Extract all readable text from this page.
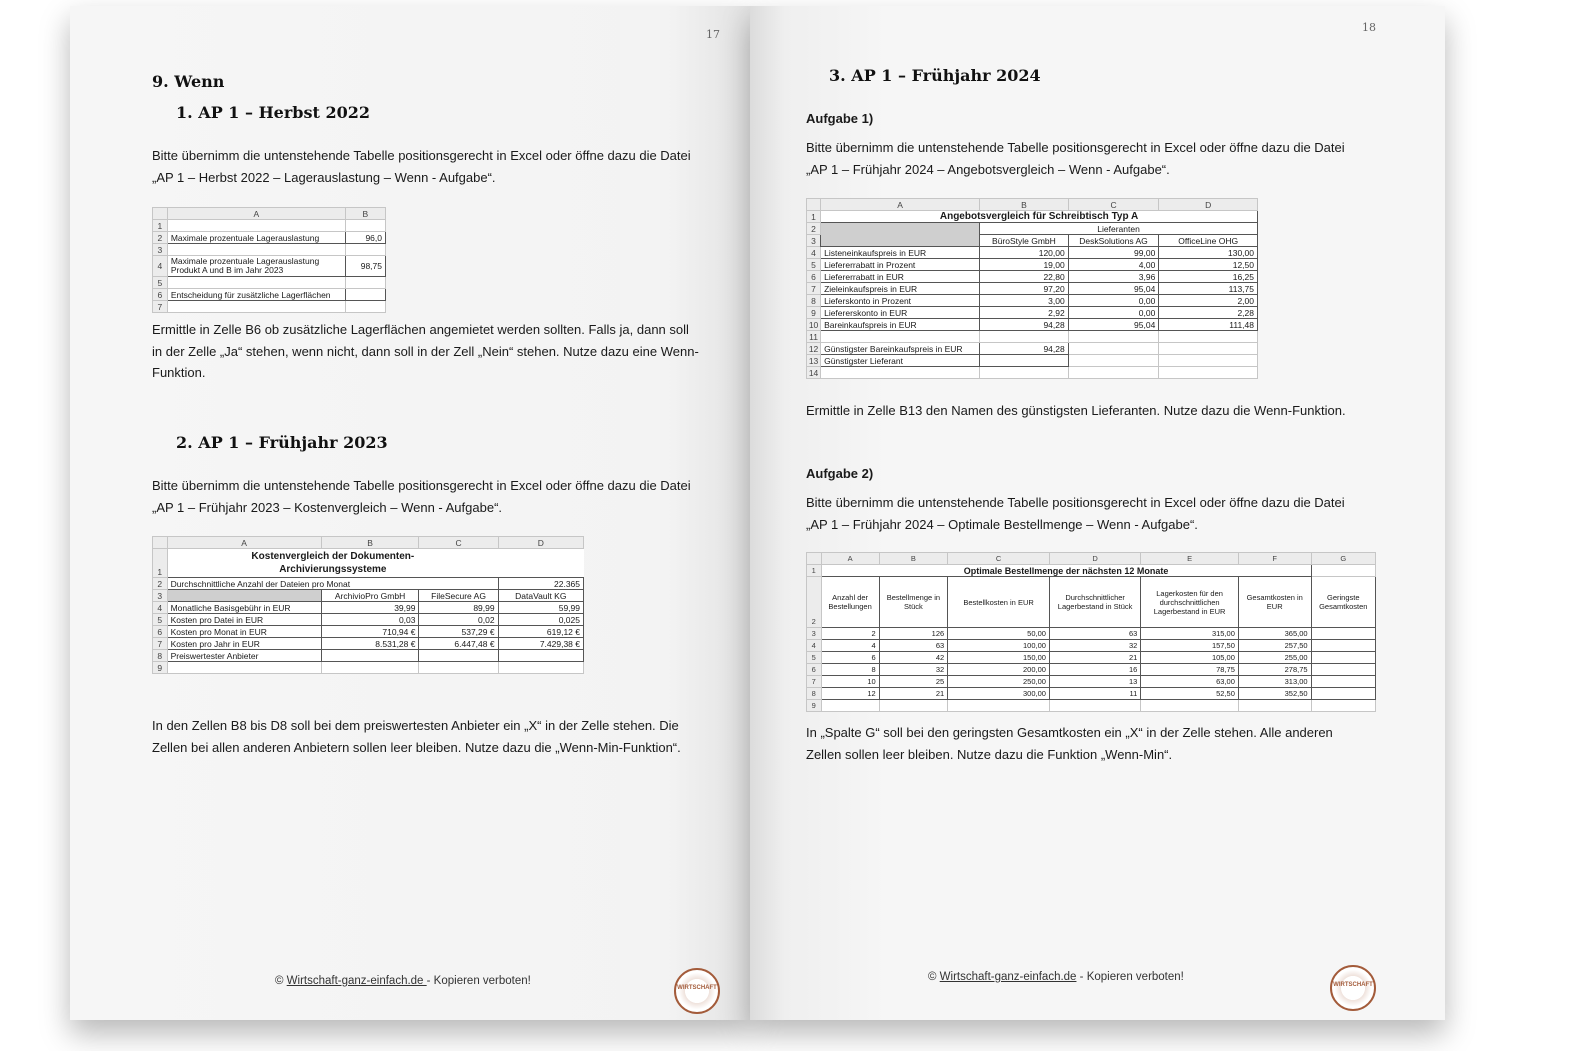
17
9. Wenn
1. AP 1 – Herbst 2022
Bitte übernimm die untenstehende Tabelle positionsgerecht in Excel oder öffne dazu die Datei
„AP 1 – Herbst 2022 – Lagerauslastung – Wenn - Aufgabe“.
	A	B
1		
2	Maximale prozentuale Lagerauslastung	96,0
3		
4	Maximale prozentuale Lagerauslastung Produkt A und B im Jahr 2023	98,75
5		
6	Entscheidung für zusätzliche Lagerflächen	
7		
Ermittle in Zelle B6 ob zusätzliche Lagerflächen angemietet werden sollten. Falls ja, dann soll
in der Zelle „Ja“ stehen, wenn nicht, dann soll in der Zell „Nein“ stehen. Nutze dazu eine Wenn-
Funktion.
2. AP 1 – Frühjahr 2023
Bitte übernimm die untenstehende Tabelle positionsgerecht in Excel oder öffne dazu die Datei
„AP 1 – Frühjahr 2023 – Kostenvergleich – Wenn - Aufgabe“.
	A	B	C	D
1	Kostenvergleich der Dokumenten-
Archivierungssysteme			

2	Durchschnittliche Anzahl der Dateien pro Monat			22.365
3		ArchivioPro GmbH	FileSecure AG	DataVault KG
4	Monatliche Basisgebühr in EUR	39,99	89,99	59,99
5	Kosten pro Datei in EUR	0,03	0,02	0,025
6	Kosten pro Monat in EUR	710,94 €	537,29 €	619,12 €
7	Kosten pro Jahr in EUR	8.531,28 €	6.447,48 €	7.429,38 €
8	Preiswertester Anbieter			
9				
In den Zellen B8 bis D8 soll bei dem preiswertesten Anbieter ein „X“ in der Zelle stehen. Die
Zellen bei allen anderen Anbietern sollen leer bleiben. Nutze dazu die „Wenn-Min-Funktion“.
© Wirtschaft-ganz-einfach.de - Kopieren verboten!
WIRTSCHAFT
18
3. AP 1 – Frühjahr 2024
Aufgabe 1)
Bitte übernimm die untenstehende Tabelle positionsgerecht in Excel oder öffne dazu die Datei
„AP 1 – Frühjahr 2024 – Angebotsvergleich – Wenn - Aufgabe“.
	A	B	C	D
1	Angebotsvergleich für Schreibtisch Typ A			
2		Lieferanten		
3		BüroStyle GmbH	DeskSolutions AG	OfficeLine OHG
4	Listeneinkaufspreis in EUR	120,00	99,00	130,00
5	Liefererrabatt in Prozent	19,00	4,00	12,50
6	Liefererrabatt in EUR	22,80	3,96	16,25
7	Zieleinkaufspreis in EUR	97,20	95,04	113,75
8	Lieferskonto in Prozent	3,00	0,00	2,00
9	Liefererskonto in EUR	2,92	0,00	2,28
10	Bareinkaufspreis in EUR	94,28	95,04	111,48
11				
12	Günstigster Bareinkaufspreis in EUR	94,28		
13	Günstigster Lieferant			
14				
Ermittle in Zelle B13 den Namen des günstigsten Lieferanten. Nutze dazu die Wenn-Funktion.
Aufgabe 2)
Bitte übernimm die untenstehende Tabelle positionsgerecht in Excel oder öffne dazu die Datei
„AP 1 – Frühjahr 2024 – Optimale Bestellmenge – Wenn - Aufgabe“.
	A	B	C	D	E	F	G
1	Optimale Bestellmenge der nächsten 12 Monate						
2	Anzahl der Bestellungen	Bestellmenge in Stück	Bestellkosten in EUR	Durchschnittlicher Lagerbestand in Stück	Lagerkosten für den durchschnittlichen Lagerbestand in EUR	Gesamtkosten in EUR	Geringste Gesamtkosten
3	2	126	50,00	63	315,00	365,00	
4	4	63	100,00	32	157,50	257,50	
5	6	42	150,00	21	105,00	255,00	
6	8	32	200,00	16	78,75	278,75	
7	10	25	250,00	13	63,00	313,00	
8	12	21	300,00	11	52,50	352,50	
9							
In „Spalte G“ soll bei den geringsten Gesamtkosten ein „X“ in der Zelle stehen. Alle anderen
Zellen sollen leer bleiben. Nutze dazu die Funktion „Wenn-Min“.
© Wirtschaft-ganz-einfach.de - Kopieren verboten!
WIRTSCHAFT
